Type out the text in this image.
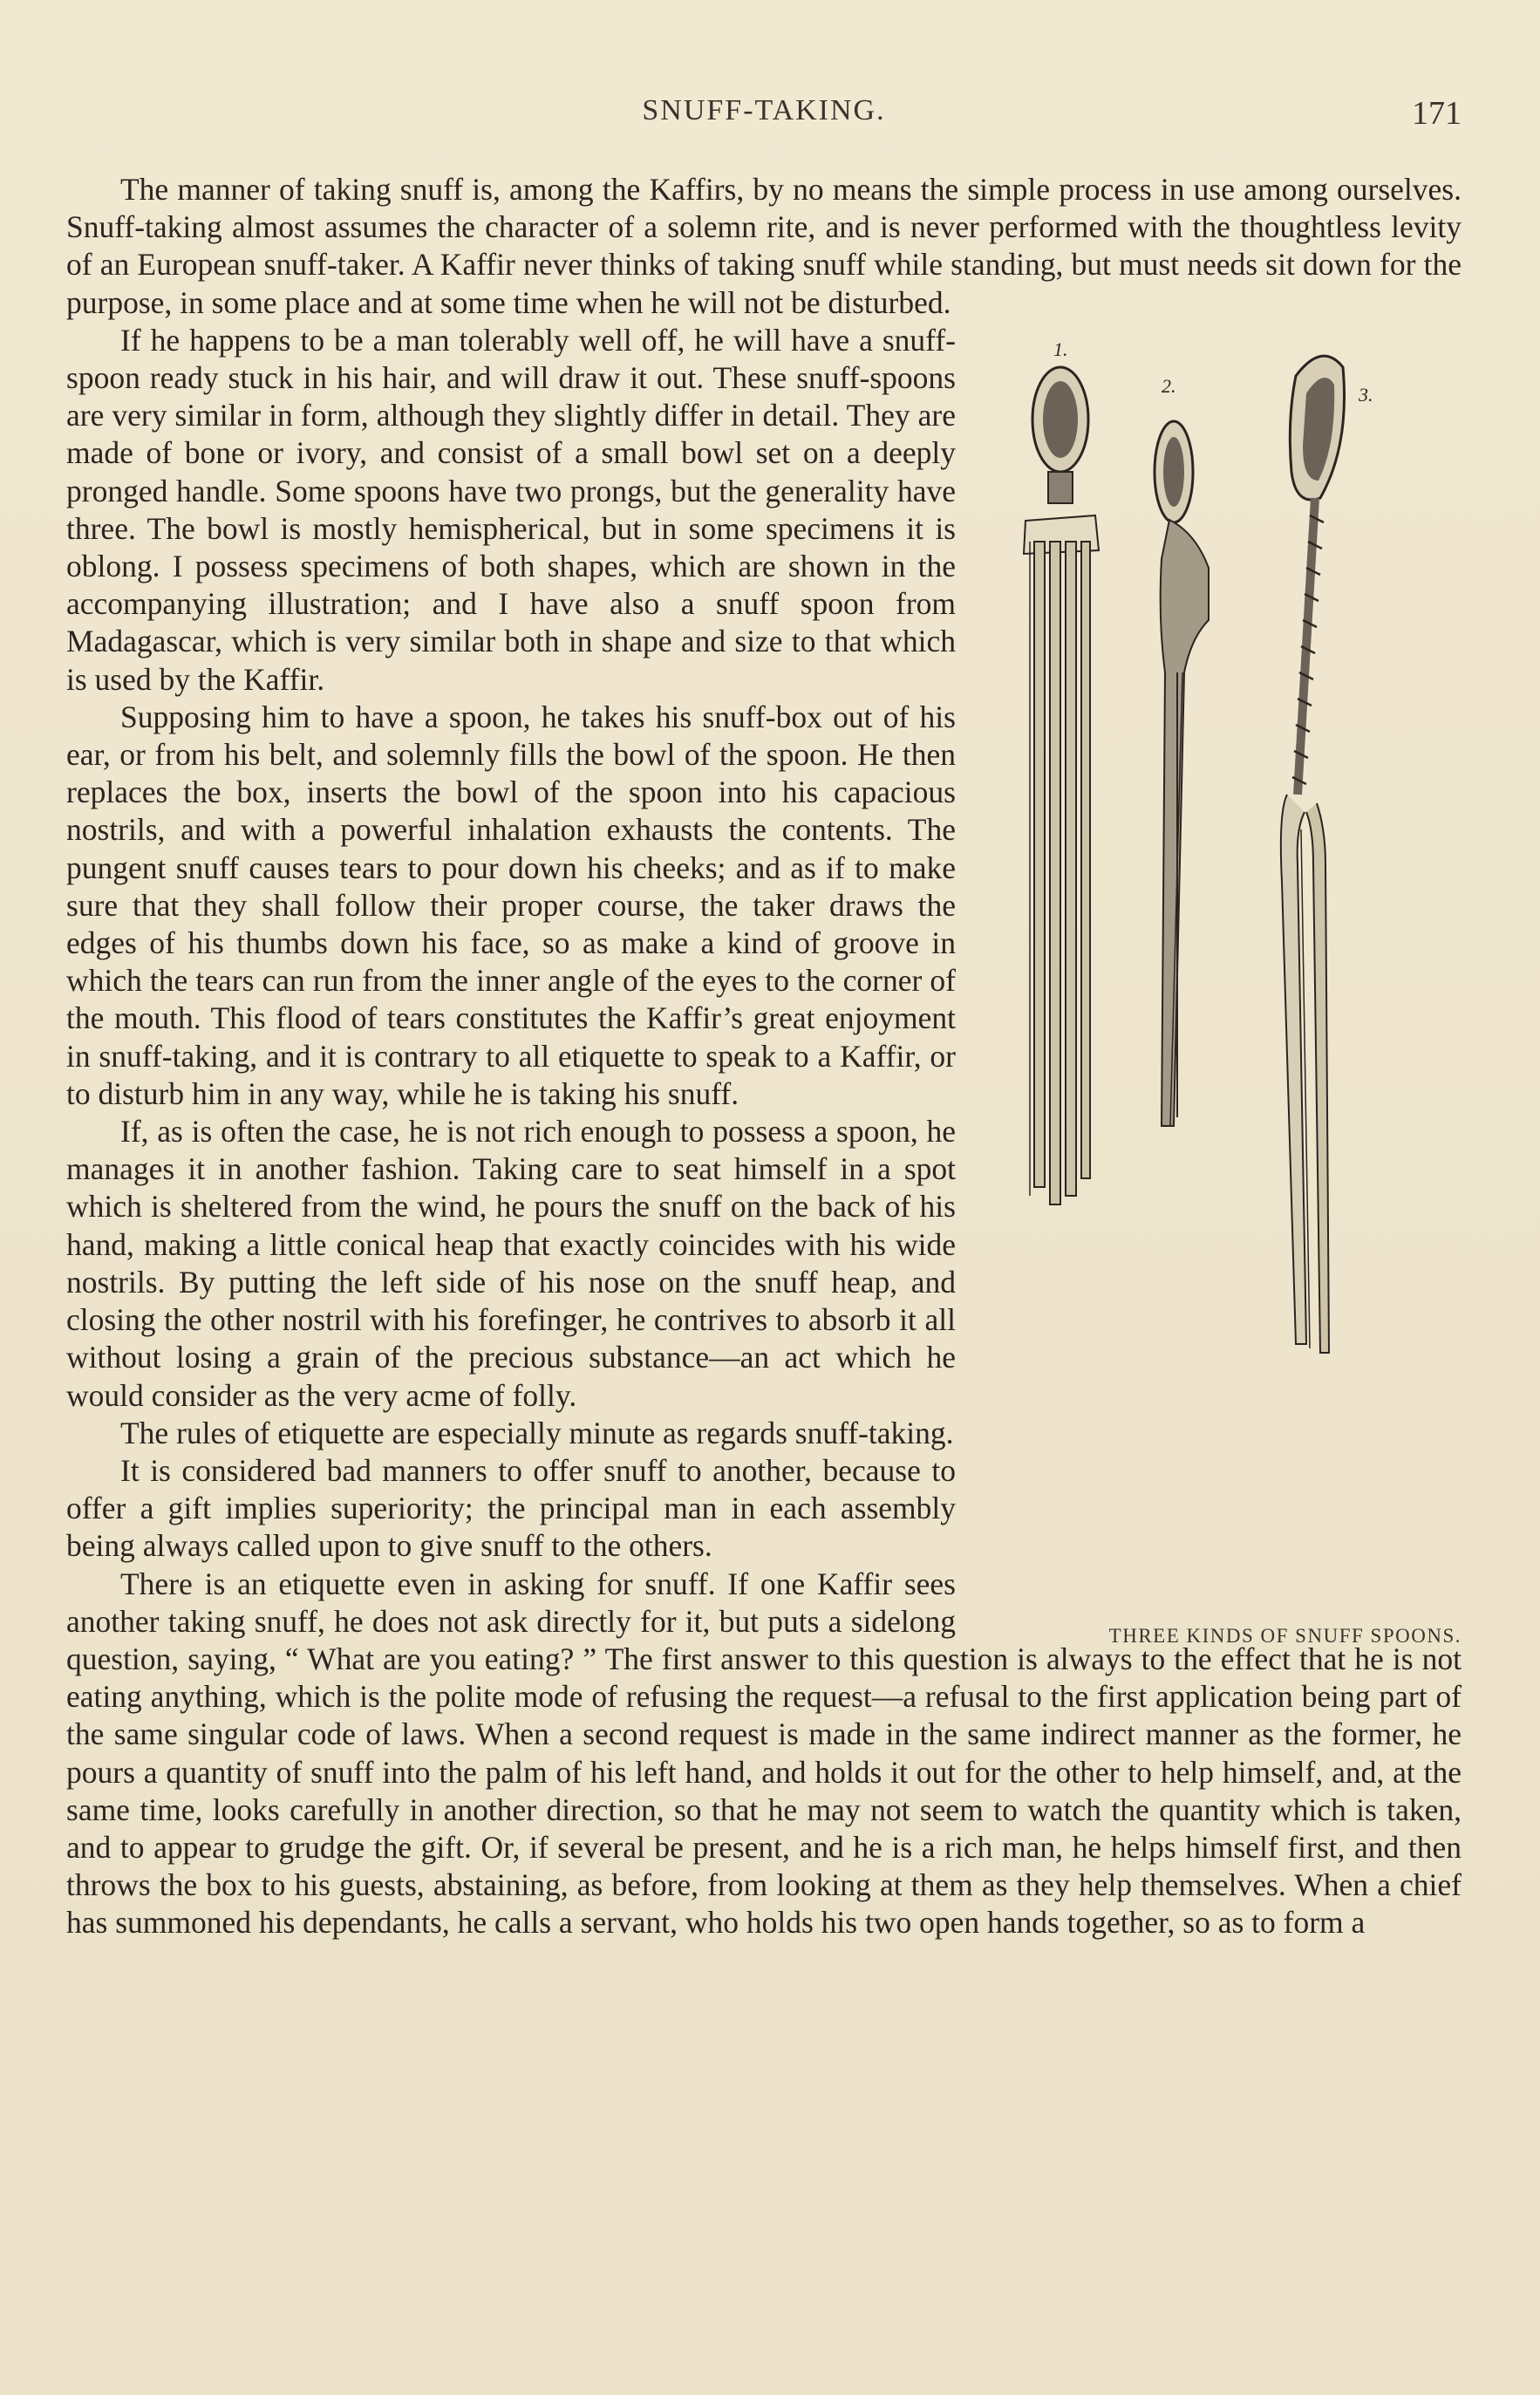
SNUFF-TAKING.	171

The manner of taking snuff is, among the Kaffirs, by no means the simple process in use among ourselves. Snuff-taking almost assumes the character of a solemn rite, and is never performed with the thoughtless levity of an European snuff-taker. A Kaffir never thinks of taking snuff while standing, but must needs sit down for the purpose, in some place and at some time when he will not be disturbed.

1.
2.	3.
THREE KINDS OF SNUFF SPOONS.

If he happens to be a man tolerably well off, he will have a snuff-spoon ready stuck in his hair, and will draw it out. These snuff-spoons are very similar in form, although they slightly differ in detail. They are made of bone or ivory, and consist of a small bowl set on a deeply pronged handle. Some spoons have two prongs, but the generality have three. The bowl is mostly hemispherical, but in some specimens it is oblong. I possess specimens of both shapes, which are shown in the accompanying illustration; and I have also a snuff spoon from Madagascar, which is very similar both in shape and size to that which is used by the Kaffir.

Supposing him to have a spoon, he takes his snuff-box out of his ear, or from his belt, and solemnly fills the bowl of the spoon. He then replaces the box, inserts the bowl of the spoon into his capacious nostrils, and with a powerful inhalation exhausts the contents. The pungent snuff causes tears to pour down his cheeks; and as if to make sure that they shall follow their proper course, the taker draws the edges of his thumbs down his face, so as make a kind of groove in which the tears can run from the inner angle of the eyes to the corner of the mouth. This flood of tears constitutes the Kaffir’s great enjoyment in snuff-taking, and it is contrary to all etiquette to speak to a Kaffir, or to disturb him in any way, while he is taking his snuff.

If, as is often the case, he is not rich enough to possess a spoon, he manages it in another fashion. Taking care to seat himself in a spot which is sheltered from the wind, he pours the snuff on the back of his hand, making a little conical heap that exactly coincides with his wide nostrils. By putting the left side of his nose on the snuff heap, and closing the other nostril with his forefinger, he contrives to absorb it all without losing a grain of the precious substance—an act which he would consider as the very acme of folly.

The rules of etiquette are especially minute as regards snuff-taking.

It is considered bad manners to offer snuff to another, because to offer a gift implies superiority; the principal man in each assembly being always called upon to give snuff to the others.

There is an etiquette even in asking for snuff. If one Kaffir sees another taking snuff, he does not ask directly for it, but puts a sidelong question, saying, “ What are you eating? ” The first answer to this question is always to the effect that he is not eating anything, which is the polite mode of refusing the request—a refusal to the first application being part of the same singular code of laws. When a second request is made in the same indirect manner as the former, he pours a quantity of snuff into the palm of his left hand, and holds it out for the other to help himself, and, at the same time, looks carefully in another direction, so that he may not seem to watch the quantity which is taken, and to appear to grudge the gift. Or, if several be present, and he is a rich man, he helps himself first, and then throws the box to his guests, abstaining, as before, from looking at them as they help themselves. When a chief has summoned his dependants, he calls a servant, who holds his two open hands together, so as to form a
